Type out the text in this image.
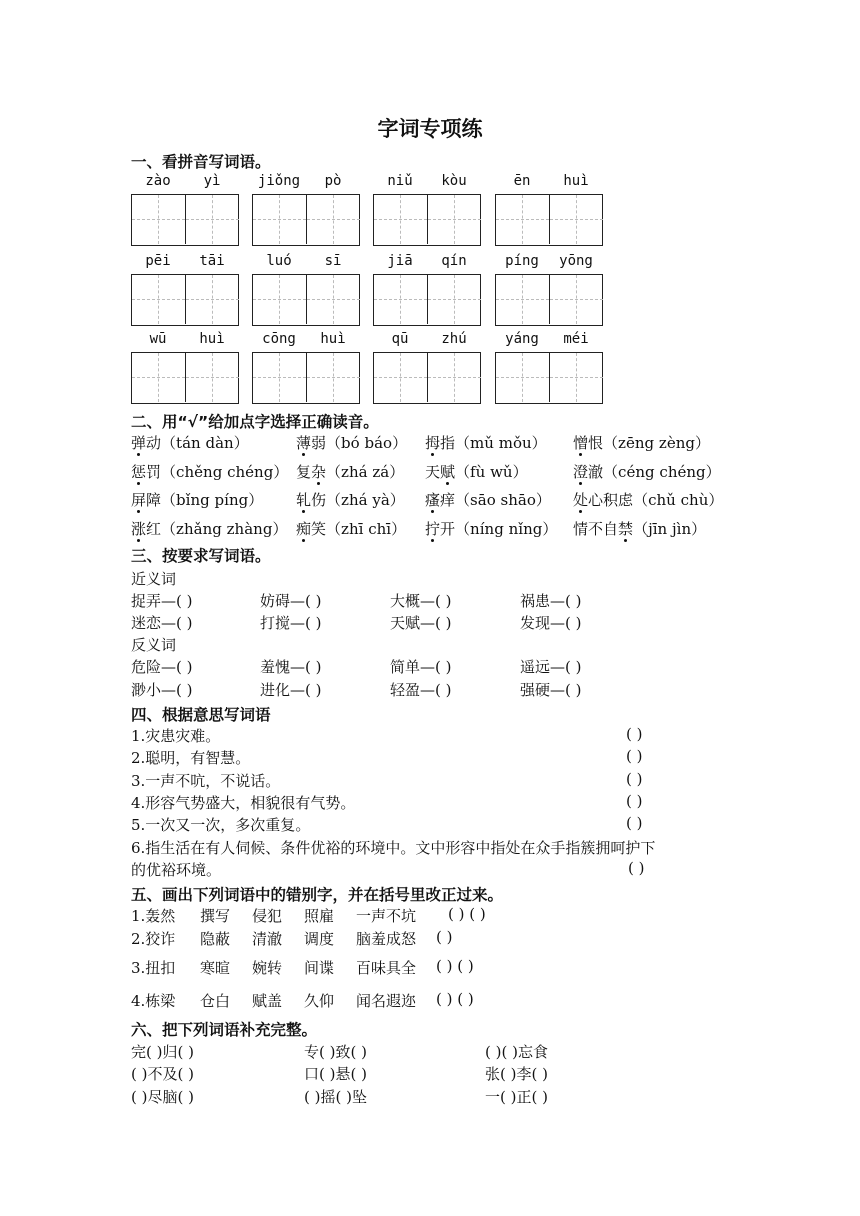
字词专项练
一、看拼音写词语。
zào	yì	jiǒng	pò	niǔ	kòu	ēn	huì
pēi	tāi	luó	sī	jiā	qín	píng	yōng
wū	huì	cōng	huì	qū	zhú	yáng	méi
二、用“√”给加点字选择正确读音。
弹动（tán dàn）	薄弱（bó báo） 拇指（mǔ mǒu） 憎恨（zēng zèng）
惩罚（chěng chéng） 复杂（zhá zá） 天赋（fù wǔ）	澄澈（céng chéng）
屏障（bǐng píng） 轧伤（zhá yà） 瘙痒（sāo shāo） 处心积虑（chǔ chù）
涨红（zhǎng zhàng） 痴笑（zhī chī） 拧开（níng nǐng） 情不自禁（jīn jìn）
三、按要求写词语。
近义词
反义词
捉弄—( )	妨碍—( )	大概—( )	祸患—( )
迷恋—( )	打搅—( )	天赋—( )	发现—( )
危险—( )	羞愧—( )	简单—( )	遥远—( )
渺小—( )	进化—( )	轻盈—( )	强硬—( )
四、根据意思写词语
1.灾患灾难。	( )
2.聪明，有智慧。	( )
3.一声不吭，不说话。	( )
4.形容气势盛大，相貌很有气势。	( )
5.一次又一次，多次重复。	( )
6.指生活在有人伺候、条件优裕的环境中。文中形容中指处在众手指簇拥呵护下
的优裕环境。	( )
五、画出下列词语中的错别字，并在括号里改正过来。
1.轰然 撰写 侵犯 照雇 一声不坑 ( ) ( )
2.狡诈 隐蔽 清澈 调度 脑羞成怒 ( )
3.扭扣 寒暄 婉转 间谍 百味具全 ( ) ( )
4.栋梁 仓白 赋盖 久仰 闻名遐迩 ( ) ( )
六、把下列词语补充完整。
完( )归( )	专( )致( )	( )( )忘食
( )不及( )	口( )悬( )	张( )李( )
( )尽脑( )	( )摇( )坠	一( )正( )
